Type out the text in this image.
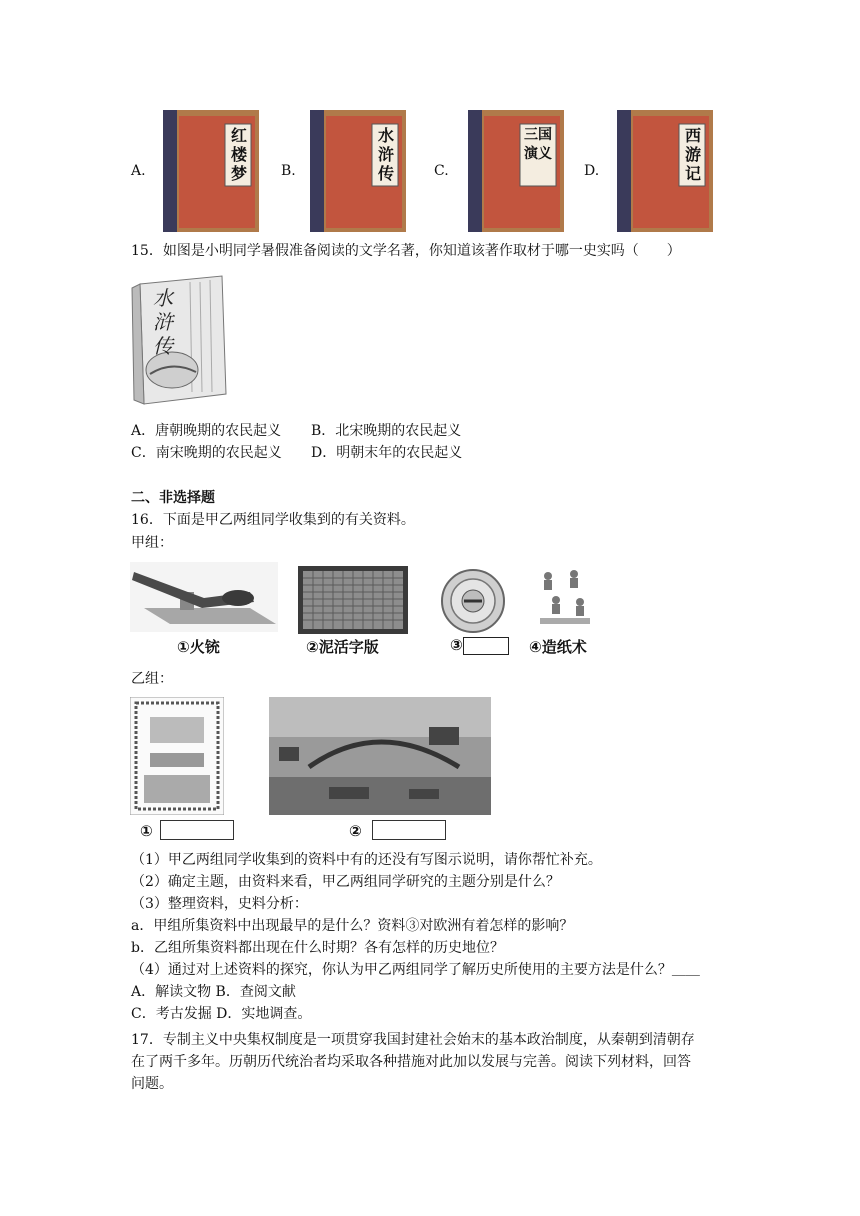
A.
红
楼
梦 B.
水
浒
传	C.
三国
演义
D.
西
游
记
15．如图是小明同学暑假准备阅读的文学名著，你知道该著作取材于哪一史实吗（　　）
水浒传
A．唐朝晚期的农民起义 B．北宋晚期的农民起义
C．南宋晚期的农民起义 D．明朝末年的农民起义
二、非选择题
16．下面是甲乙两组同学收集到的有关资料。
甲组：
①火铳	②泥活字版	③	④造纸术
乙组：
①	②
（1）甲乙两组同学收集到的资料中有的还没有写图示说明，请你帮忙补充。
（2）确定主题，由资料来看，甲乙两组同学研究的主题分别是什么？
（3）整理资料，史料分析：
a．甲组所集资料中出现最早的是什么？资料③对欧洲有着怎样的影响？
b．乙组所集资料都出现在什么时期？各有怎样的历史地位？
（4）通过对上述资料的探究，你认为甲乙两组同学了解历史所使用的主要方法是什么？＿＿
A．解读文物 B．查阅文献
C．考古发掘 D．实地调查。
17．专制主义中央集权制度是一项贯穿我国封建社会始末的基本政治制度，从秦朝到清朝存
在了两千多年。历朝历代统治者均采取各种措施对此加以发展与完善。阅读下列材料，回答
问题。
